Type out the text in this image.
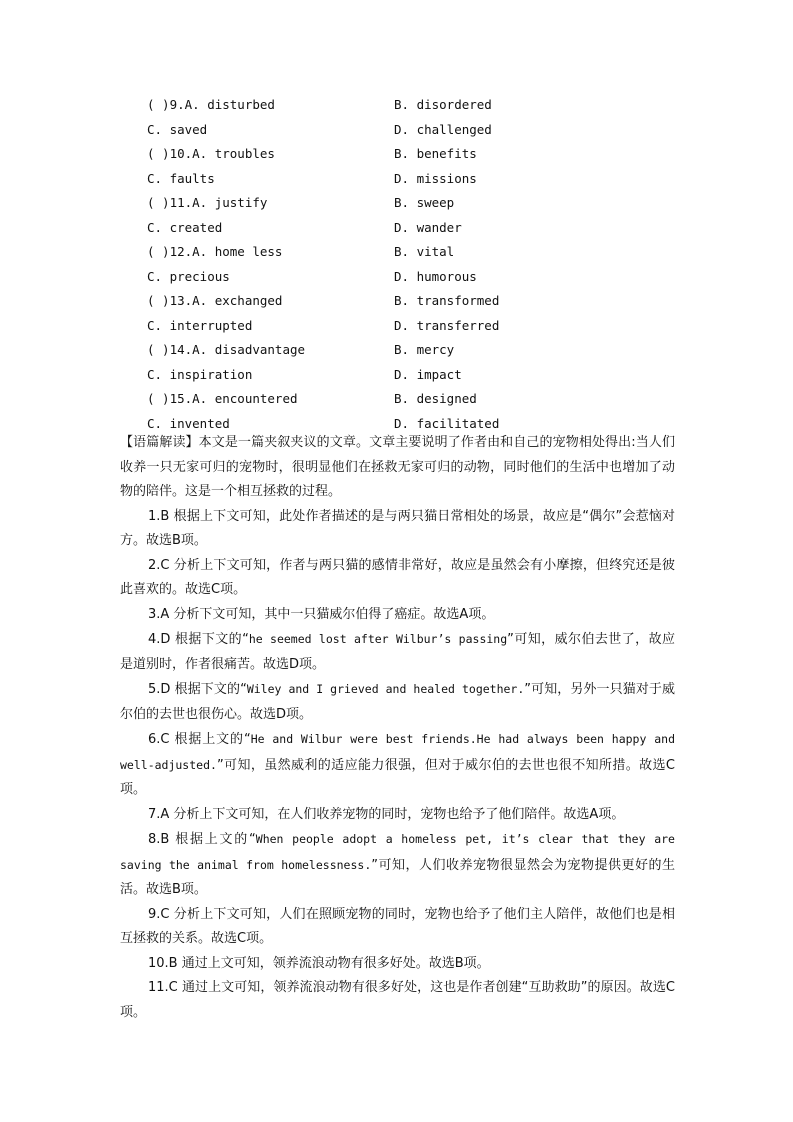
( )9.A. disturbed	B. disordered
C. saved	D. challenged
( )10.A. troubles	B. benefits
C. faults	D. missions
( )11.A. justify	B. sweep
C. created	D. wander
( )12.A. home less	B. vital
C. precious	D. humorous
( )13.A. exchanged	B. transformed
C. interrupted	D. transferred
( )14.A. disadvantage	B. mercy
C. inspiration	D. impact
( )15.A. encountered	B. designed
C. invented	D. facilitated

【语篇解读】本文是一篇夹叙夹议的文章。文章主要说明了作者由和自己的宠物相处得出:当人们收养一只无家可归的宠物时，很明显他们在拯救无家可归的动物，同时他们的生活中也增加了动物的陪伴。这是一个相互拯救的过程。

1.B 根据上下文可知，此处作者描述的是与两只猫日常相处的场景，故应是“偶尔”会惹恼对方。故选B项。

2.C 分析上下文可知，作者与两只猫的感情非常好，故应是虽然会有小摩擦，但终究还是彼此喜欢的。故选C项。

3.A 分析下文可知，其中一只猫威尔伯得了癌症。故选A项。

4.D 根据下文的“he seemed lost after Wilbur’s passing”可知，威尔伯去世了，故应是道别时，作者很痛苦。故选D项。

5.D 根据下文的“Wiley and I grieved and healed together.”可知，另外一只猫对于威尔伯的去世也很伤心。故选D项。

6.C 根据上文的“He and Wilbur were best friends.He had always been happy and well-adjusted.”可知，虽然威利的适应能力很强，但对于威尔伯的去世也很不知所措。故选C项。

7.A 分析上下文可知，在人们收养宠物的同时，宠物也给予了他们陪伴。故选A项。

8.B 根据上文的“When people adopt a homeless pet, it’s clear that they are saving the animal from homelessness.”可知，人们收养宠物很显然会为宠物提供更好的生活。故选B项。

9.C 分析上下文可知，人们在照顾宠物的同时，宠物也给予了他们主人陪伴，故他们也是相互拯救的关系。故选C项。

10.B 通过上文可知，领养流浪动物有很多好处。故选B项。

11.C 通过上文可知，领养流浪动物有很多好处，这也是作者创建“互助救助”的原因。故选C项。
